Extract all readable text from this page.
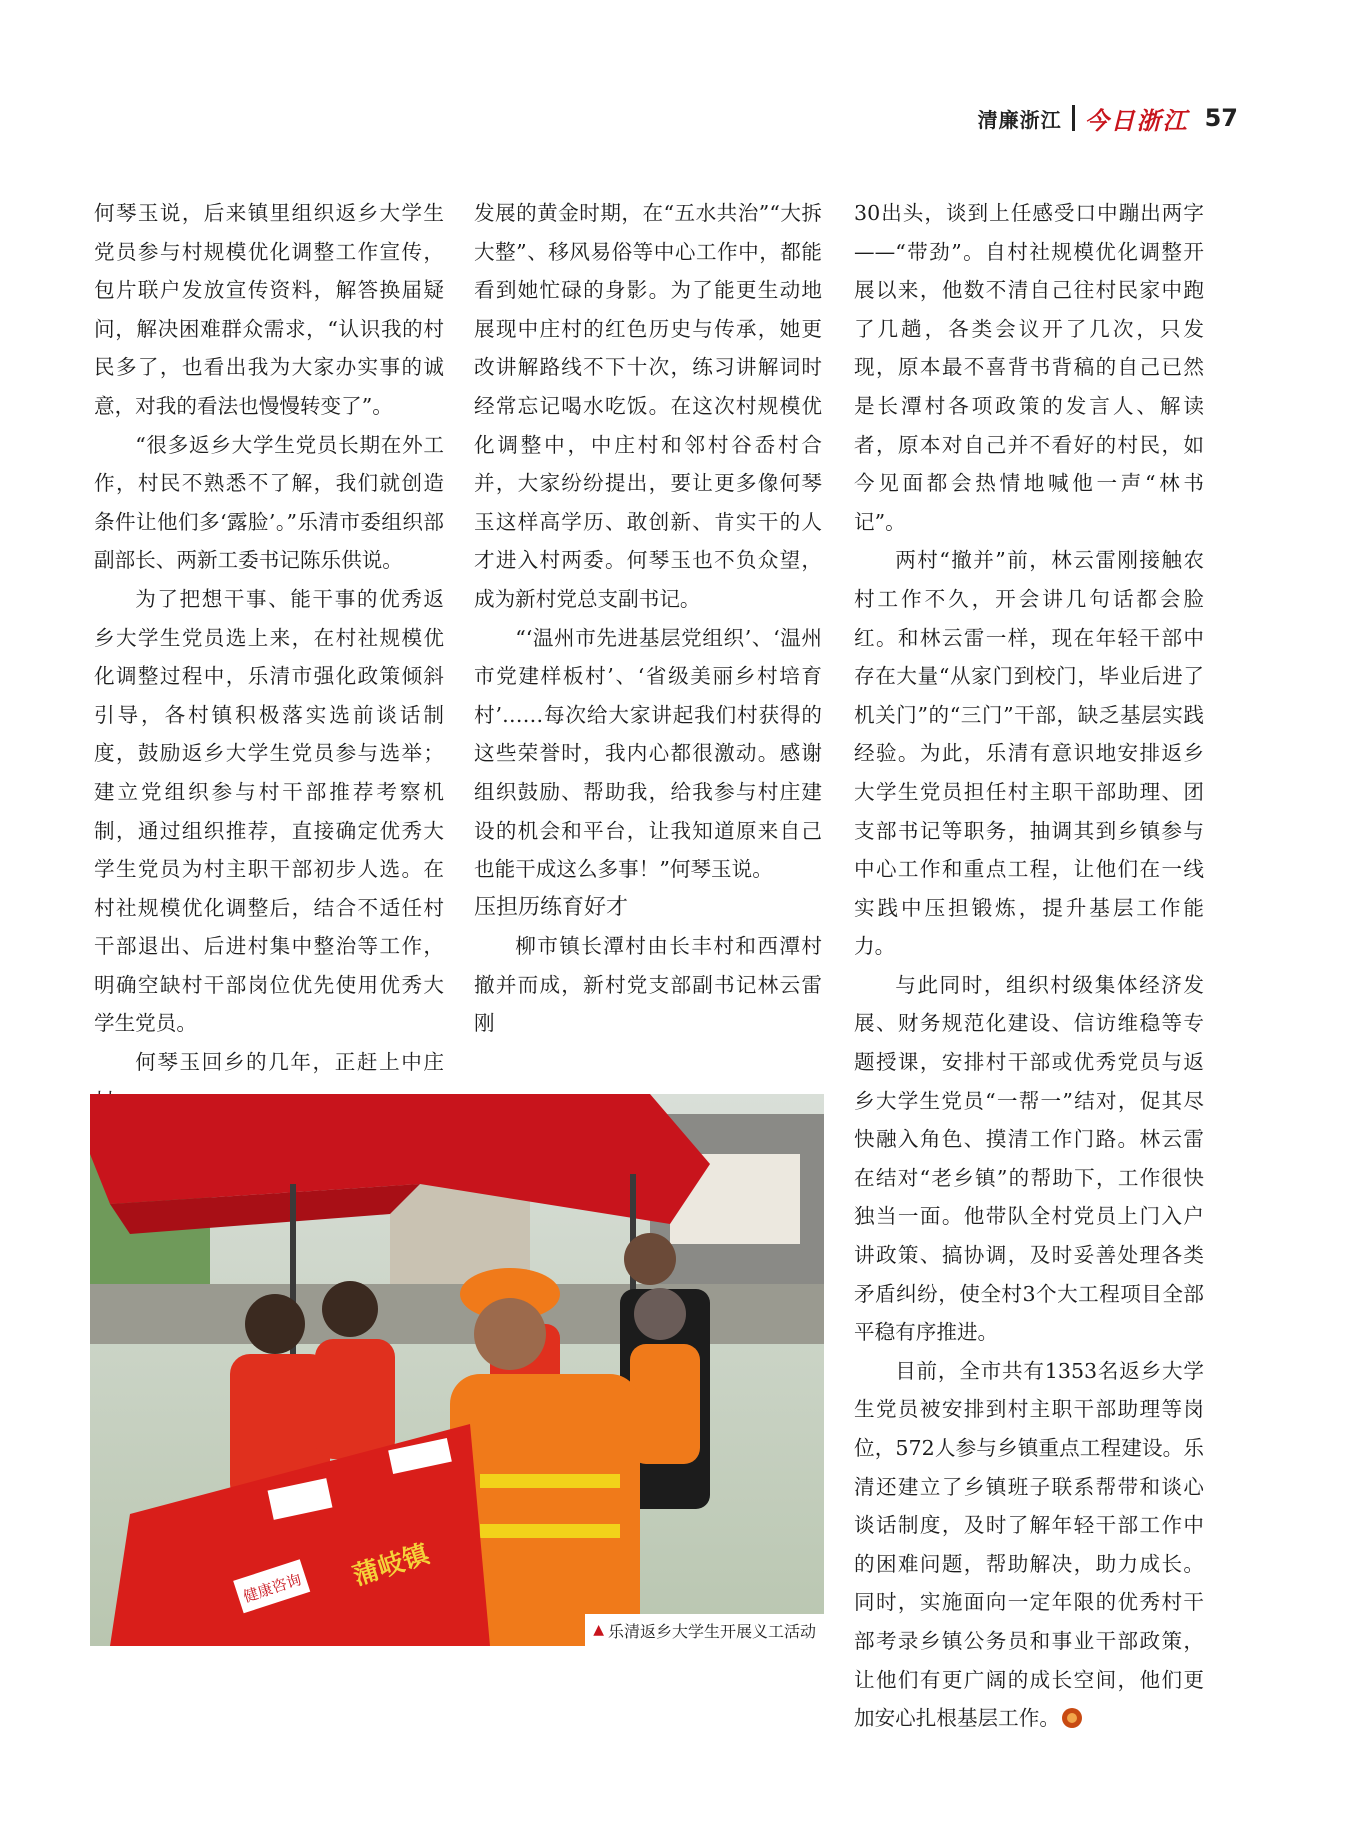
清廉浙江 今日浙江 57

何琴玉说，后来镇里组织返乡大学生党员参与村规模优化调整工作宣传，包片联户发放宣传资料，解答换届疑问，解决困难群众需求，“认识我的村民多了，也看出我为大家办实事的诚意，对我的看法也慢慢转变了”。

“很多返乡大学生党员长期在外工作，村民不熟悉不了解，我们就创造条件让他们多‘露脸’。”乐清市委组织部副部长、两新工委书记陈乐供说。

为了把想干事、能干事的优秀返乡大学生党员选上来，在村社规模优化调整过程中，乐清市强化政策倾斜引导，各村镇积极落实选前谈话制度，鼓励返乡大学生党员参与选举；建立党组织参与村干部推荐考察机制，通过组织推荐，直接确定优秀大学生党员为村主职干部初步人选。在村社规模优化调整后，结合不适任村干部退出、后进村集中整治等工作，明确空缺村干部岗位优先使用优秀大学生党员。

何琴玉回乡的几年，正赶上中庄

发展的黄金时期，在“五水共治”“大拆大整”、移风易俗等中心工作中，都能看到她忙碌的身影。为了能更生动地展现中庄村的红色历史与传承，她更改讲解路线不下十次，练习讲解词时经常忘记喝水吃饭。在这次村规模优化调整中，中庄村和邻村谷岙村合并，大家纷纷提出，要让更多像何琴玉这样高学历、敢创新、肯实干的人才进入村两委。何琴玉也不负众望，成为新村党总支副书记。

“‘温州市先进基层党组织’、‘温州市党建样板村’、‘省级美丽乡村培育村’……每次给大家讲起我们村获得的这些荣誉时，我内心都很激动。感谢组织鼓励、帮助我，给我参与村庄建设的机会和平台，让我知道原来自己也能干成这么多事！”何琴玉说。

压担历练育好才

柳市镇长潭村由长丰村和西潭村撤并而成，新村党支部副书记林云雷刚

30出头，谈到上任感受口中蹦出两字——“带劲”。自村社规模优化调整开展以来，他数不清自己往村民家中跑了几趟，各类会议开了几次，只发现，原本最不喜背书背稿的自己已然是长潭村各项政策的发言人、解读者，原本对自己并不看好的村民，如今见面都会热情地喊他一声“林书记”。

两村“撤并”前，林云雷刚接触农村工作不久，开会讲几句话都会脸红。和林云雷一样，现在年轻干部中存在大量“从家门到校门，毕业后进了机关门”的“三门”干部，缺乏基层实践经验。为此，乐清有意识地安排返乡大学生党员担任村主职干部助理、团支部书记等职务，抽调其到乡镇参与中心工作和重点工程，让他们在一线实践中压担锻炼，提升基层工作能力。

与此同时，组织村级集体经济发展、财务规范化建设、信访维稳等专题授课，安排村干部或优秀党员与返乡大学生党员“一帮一”结对，促其尽快融入角色、摸清工作门路。林云雷在结对“老乡镇”的帮助下，工作很快独当一面。他带队全村党员上门入户讲政策、搞协调，及时妥善处理各类矛盾纠纷，使全村3个大工程项目全部平稳有序推进。

目前，全市共有1353名返乡大学生党员被安排到村主职干部助理等岗位，572人参与乡镇重点工程建设。乐清还建立了乡镇班子联系帮带和谈心谈话制度，及时了解年轻干部工作中的困难问题，帮助解决，助力成长。同时，实施面向一定年限的优秀村干部考录乡镇公务员和事业干部政策，让他们有更广阔的成长空间，他们更加安心扎根基层工作。

健康咨询 蒲岐镇
▲ 乐清返乡大学生开展义工活动
